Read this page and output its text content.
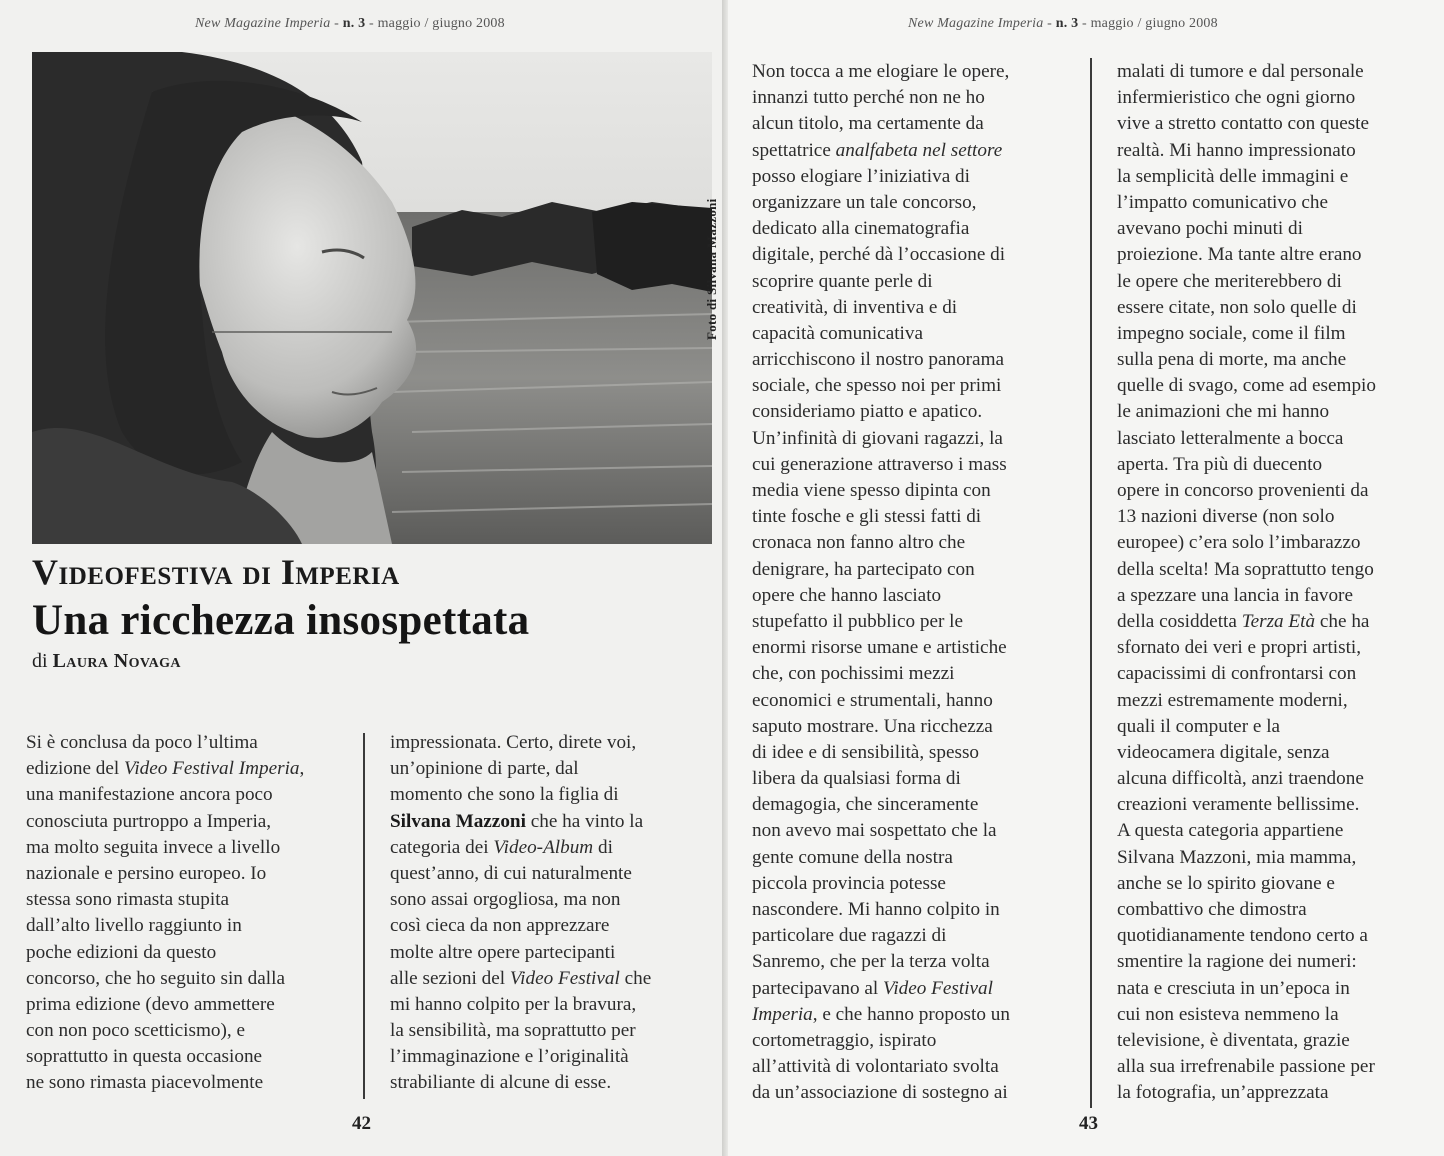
New Magazine Imperia - n. 3 - maggio / giugno 2008
Foto di Silvana Mazzoni
Videofestiva di Imperia
Una ricchezza insospettata
di Laura Novaga
Si è conclusa da poco l’ultima
edizione del Video Festival Imperia,
una manifestazione ancora poco
conosciuta purtroppo a Imperia,
ma molto seguita invece a livello
nazionale e persino europeo. Io
stessa sono rimasta stupita
dall’alto livello raggiunto in
poche edizioni da questo
concorso, che ho seguito sin dalla
prima edizione (devo ammettere
con non poco scetticismo), e
soprattutto in questa occasione
ne sono rimasta piacevolmente
impressionata. Certo, direte voi,
un’opinione di parte, dal
momento che sono la figlia di
Silvana Mazzoni che ha vinto la
categoria dei Video-Album di
quest’anno, di cui naturalmente
sono assai orgogliosa, ma non
così cieca da non apprezzare
molte altre opere partecipanti
alle sezioni del Video Festival che
mi hanno colpito per la bravura,
la sensibilità, ma soprattutto per
l’immaginazione e l’originalità
strabiliante di alcune di esse.
42
New Magazine Imperia - n. 3 - maggio / giugno 2008
Non tocca a me elogiare le opere,
innanzi tutto perché non ne ho
alcun titolo, ma certamente da
spettatrice analfabeta nel settore
posso elogiare l’iniziativa di
organizzare un tale concorso,
dedicato alla cinematografia
digitale, perché dà l’occasione di
scoprire quante perle di
creatività, di inventiva e di
capacità comunicativa
arricchiscono il nostro panorama
sociale, che spesso noi per primi
consideriamo piatto e apatico.
Un’infinità di giovani ragazzi, la
cui generazione attraverso i mass
media viene spesso dipinta con
tinte fosche e gli stessi fatti di
cronaca non fanno altro che
denigrare, ha partecipato con
opere che hanno lasciato
stupefatto il pubblico per le
enormi risorse umane e artistiche
che, con pochissimi mezzi
economici e strumentali, hanno
saputo mostrare. Una ricchezza
di idee e di sensibilità, spesso
libera da qualsiasi forma di
demagogia, che sinceramente
non avevo mai sospettato che la
gente comune della nostra
piccola provincia potesse
nascondere. Mi hanno colpito in
particolare due ragazzi di
Sanremo, che per la terza volta
partecipavano al Video Festival
Imperia, e che hanno proposto un
cortometraggio, ispirato
all’attività di volontariato svolta
da un’associazione di sostegno ai
malati di tumore e dal personale
infermieristico che ogni giorno
vive a stretto contatto con queste
realtà. Mi hanno impressionato
la semplicità delle immagini e
l’impatto comunicativo che
avevano pochi minuti di
proiezione. Ma tante altre erano
le opere che meriterebbero di
essere citate, non solo quelle di
impegno sociale, come il film
sulla pena di morte, ma anche
quelle di svago, come ad esempio
le animazioni che mi hanno
lasciato letteralmente a bocca
aperta. Tra più di duecento
opere in concorso provenienti da
13 nazioni diverse (non solo
europee) c’era solo l’imbarazzo
della scelta! Ma soprattutto tengo
a spezzare una lancia in favore
della cosiddetta Terza Età che ha
sfornato dei veri e propri artisti,
capacissimi di confrontarsi con
mezzi estremamente moderni,
quali il computer e la
videocamera digitale, senza
alcuna difficoltà, anzi traendone
creazioni veramente bellissime.
A questa categoria appartiene
Silvana Mazzoni, mia mamma,
anche se lo spirito giovane e
combattivo che dimostra
quotidianamente tendono certo a
smentire la ragione dei numeri:
nata e cresciuta in un’epoca in
cui non esisteva nemmeno la
televisione, è diventata, grazie
alla sua irrefrenabile passione per
la fotografia, un’apprezzata
43
